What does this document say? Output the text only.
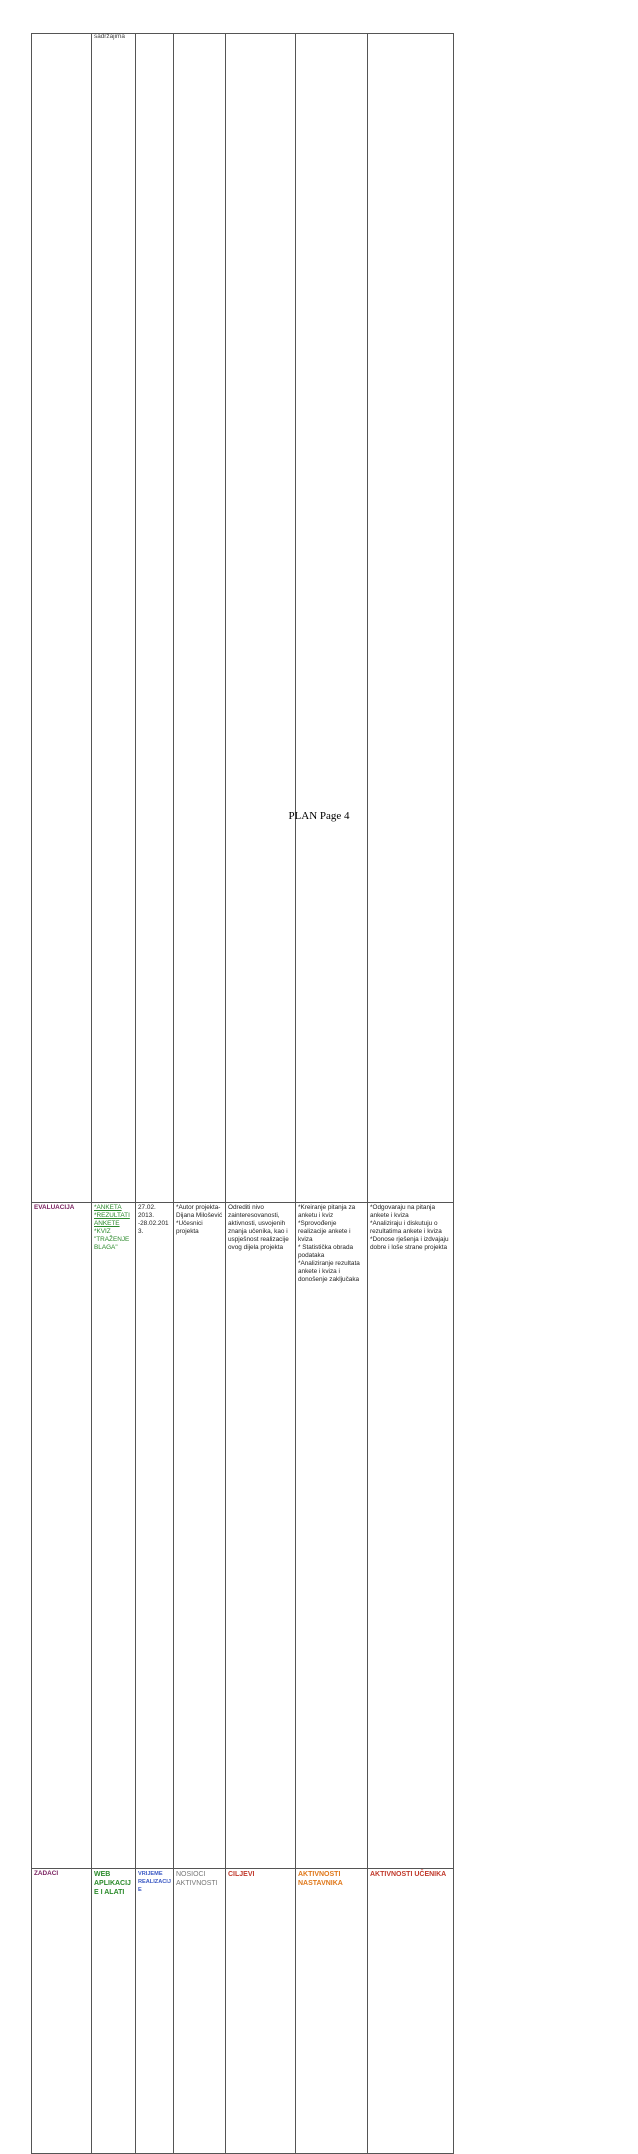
	sadržajima

EVALUACIJA	*ANKETA
*REZULTATI ANKETE
*KVIZ
"TRAŽENJE BLAGA"	27.02. 2013.
-28.02.2013.	*Autor projekta- Dijana Milošević
*Učesnici projekta	Odrediti nivo zainteresovanosti, aktivnosti, usvojenih znanja učenika, kao i uspješnost realizacije ovog dijela projekta	*Kreiranje pitanja za anketu i kviz
*Sprovođenje realizacije ankete i kviza
* Statistička obrada podataka
*Analiziranje rezultata ankete i kviza i donošenje zaključaka	*Odgovaraju na pitanja ankete i kviza
*Analiziraju i diskutuju o rezultatima ankete i kviza
*Donose rješenja i izdvajaju dobre i loše strane projekta	

ZADACI	WEB APLIKACIJE I ALATI	VRIJEME REALIZACIJE	NOSIOCI AKTIVNOSTI	CILJEVI	AKTIVNOSTI NASTAVNIKA	AKTIVNOSTI UČENIKA	
PLAN Page 4
